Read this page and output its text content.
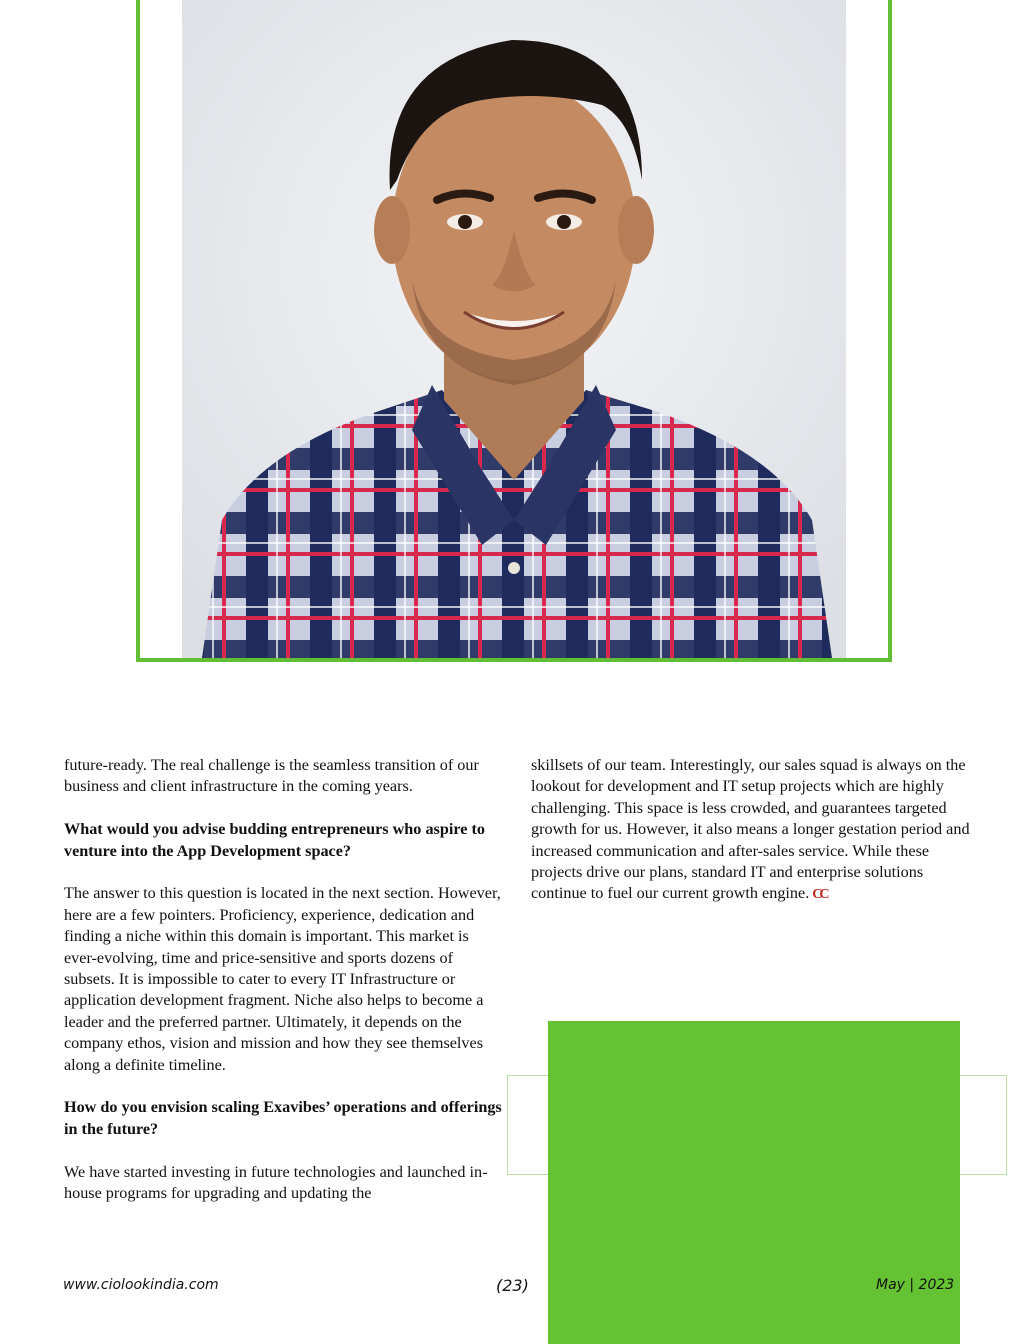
future-ready. The real challenge is the seamless transition of our business and client infrastructure in the coming years.

What would you advise budding entrepreneurs who aspire to venture into the App Development space?

The answer to this question is located in the next section. However, here are a few pointers. Proficiency, experience, dedication and finding a niche within this domain is important. This market is ever-evolving, time and price-sensitive and sports dozens of subsets. It is impossible to cater to every IT Infrastructure or application development fragment. Niche also helps to become a leader and the preferred partner. Ultimately, it depends on the company ethos, vision and mission and how they see themselves along a definite timeline.

How do you envision scaling Exavibes’ operations and offerings in the future?

We have started investing in future technologies and launched in-house programs for upgrading and updating the

skillsets of our team. Interestingly, our sales squad is always on the lookout for development and IT setup projects which are highly challenging. This space is less crowded, and guarantees targeted growth for us. However, it also means a longer gestation period and increased communication and after-sales service. While these projects drive our plans, standard IT and enterprise solutions continue to fuel our current growth engine. CC

www.ciolookindia.com	(23)	May | 2023
